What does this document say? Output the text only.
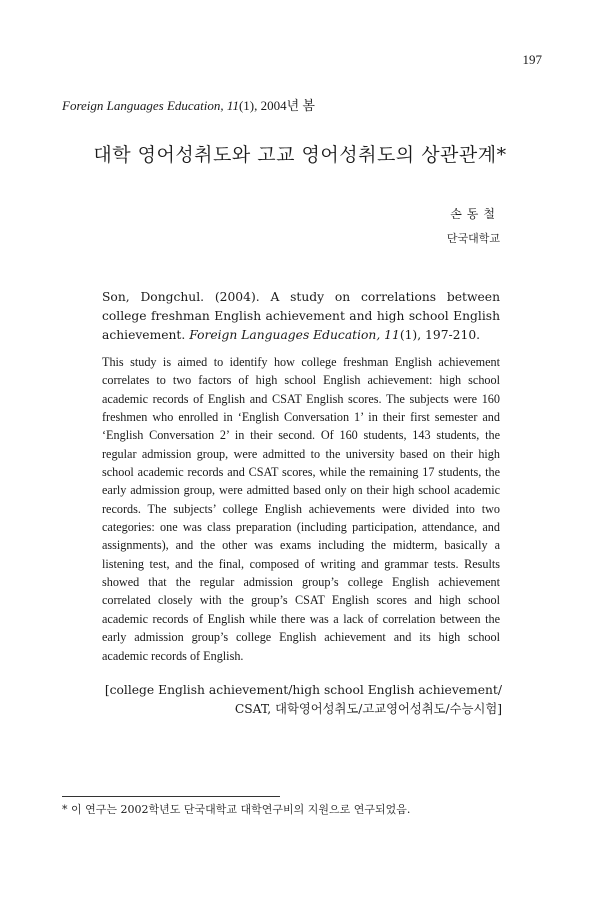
197
Foreign Languages Education, 11(1), 2004년 봄
대학 영어성취도와 고교 영어성취도의 상관관계*
손동철
단국대학교
Son, Dongchul. (2004). A study on correlations between college freshman English achievement and high school English achievement. Foreign Languages Education, 11(1), 197-210.
This study is aimed to identify how college freshman English achievement correlates to two factors of high school English achievement: high school academic records of English and CSAT English scores. The subjects were 160 freshmen who enrolled in ‘English Conversation 1’ in their first semester and ‘English Conversation 2’ in their second. Of 160 students, 143 students, the regular admission group, were admitted to the university based on their high school academic records and CSAT scores, while the remaining 17 students, the early admission group, were admitted based only on their high school academic records. The subjects’ college English achievements were divided into two categories: one was class preparation (including participation, attendance, and assignments), and the other was exams including the midterm, basically a listening test, and the final, composed of writing and grammar tests. Results showed that the regular admission group’s college English achievement correlated closely with the group’s CSAT English scores and high school academic records of English while there was a lack of correlation between the early admission group’s college English achievement and its high school academic records of English.
[college English achievement/high school English achievement/
CSAT, 대학영어성취도/고교영어성취도/수능시험]
* 이 연구는 2002학년도 단국대학교 대학연구비의 지원으로 연구되었음.
